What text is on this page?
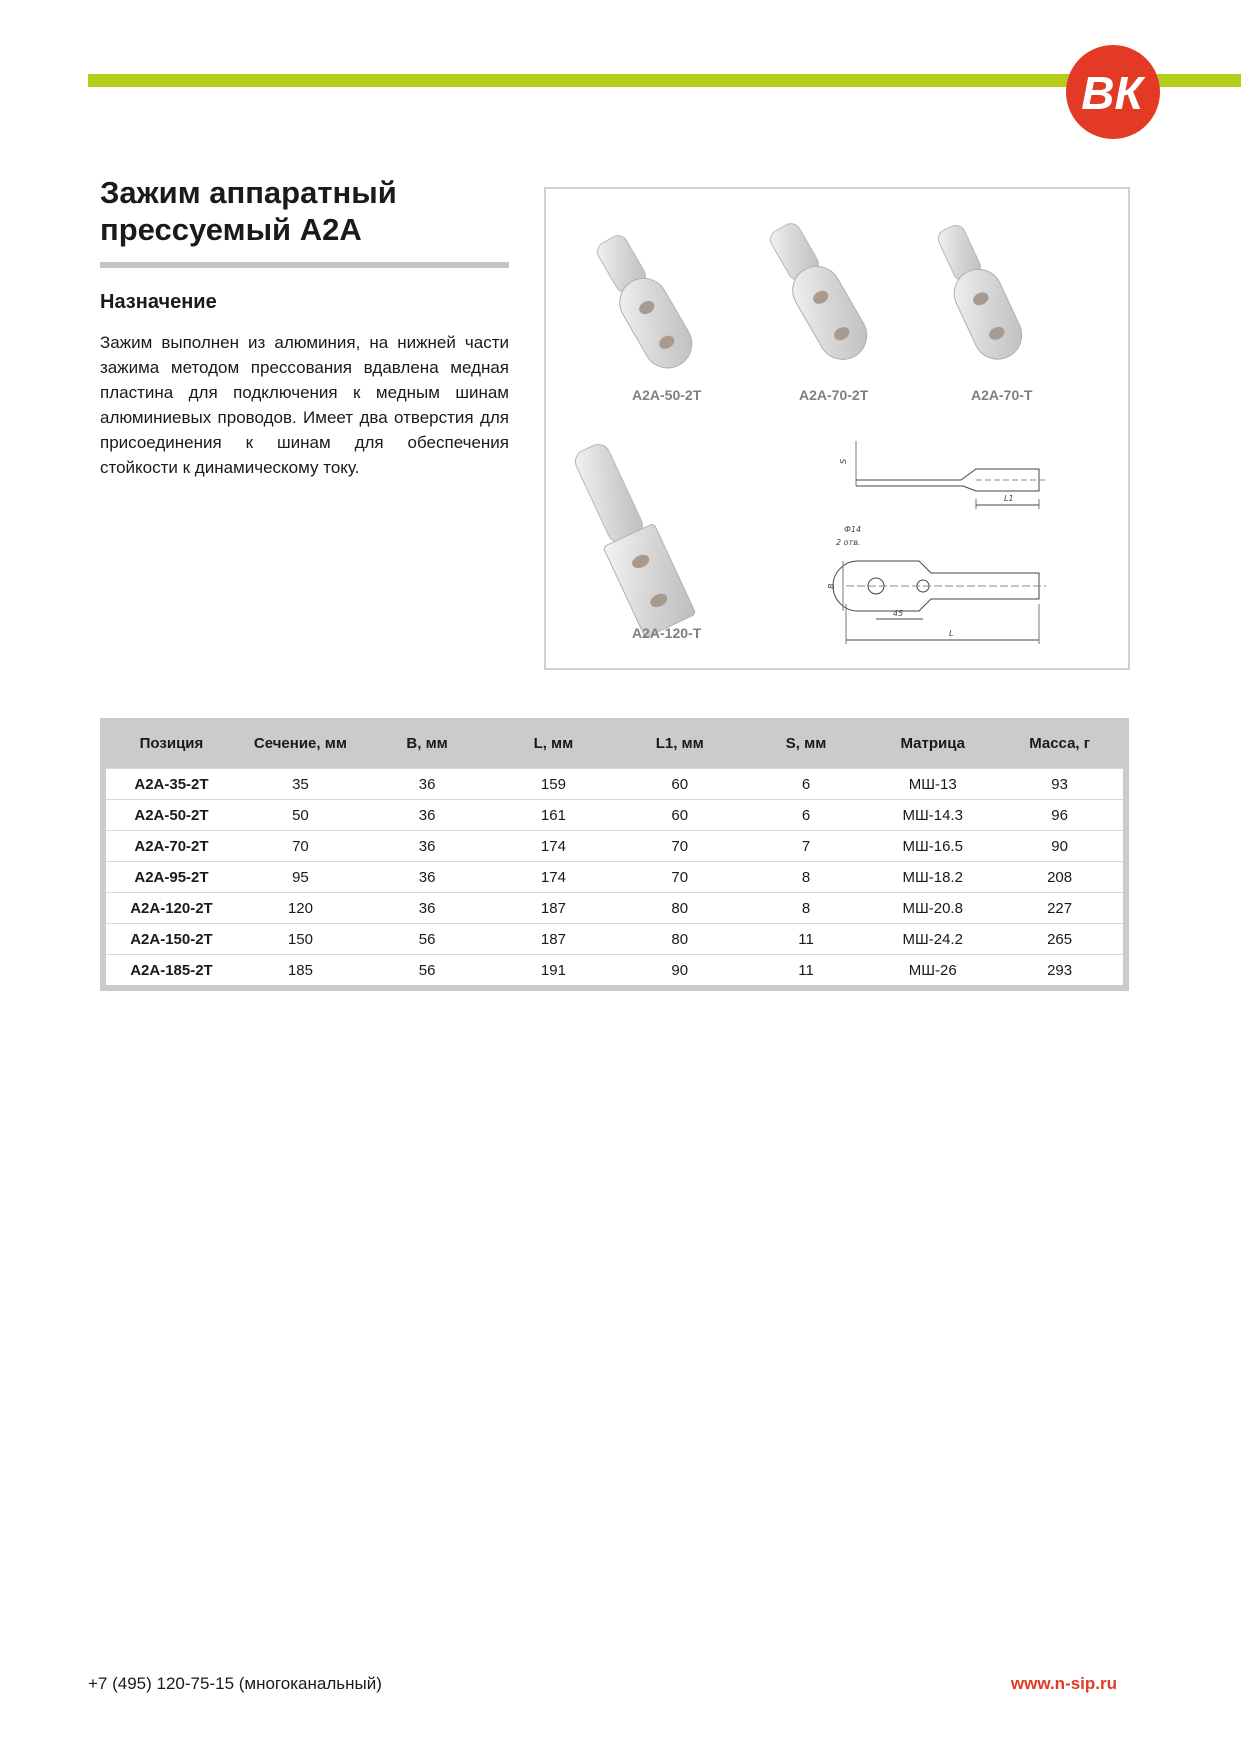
ВК
Зажим аппаратный
прессуемый А2А
Назначение

Зажим выполнен из алюминия, на нижней части зажима методом прессования вдавлена медная пластина для подключения к медным шинам алюминиевых проводов. Имеет два отверстия для присоединения к шинам для обеспечения стойкости к динамическому току.

L1
S
B
Ф14
2 отв.
45
L
А2А-50-2Т	А2А-70-2Т	А2А-70-Т
А2А-120-Т
Позиция	Сечение, мм	B, мм	L, мм	L1, мм	S, мм	Матрица	Масса, г
А2А-35-2Т	35	36	159	60	6	МШ-13	93
А2А-50-2Т	50	36	161	60	6	МШ-14.3	96
А2А-70-2Т	70	36	174	70	7	МШ-16.5	90
А2А-95-2Т	95	36	174	70	8	МШ-18.2	208
А2А-120-2Т	120	36	187	80	8	МШ-20.8	227
А2А-150-2Т	150	56	187	80	11	МШ-24.2	265
А2А-185-2Т	185	56	191	90	11	МШ-26	293
+7 (495) 120-75-15 (многоканальный)	www.n-sip.ru
